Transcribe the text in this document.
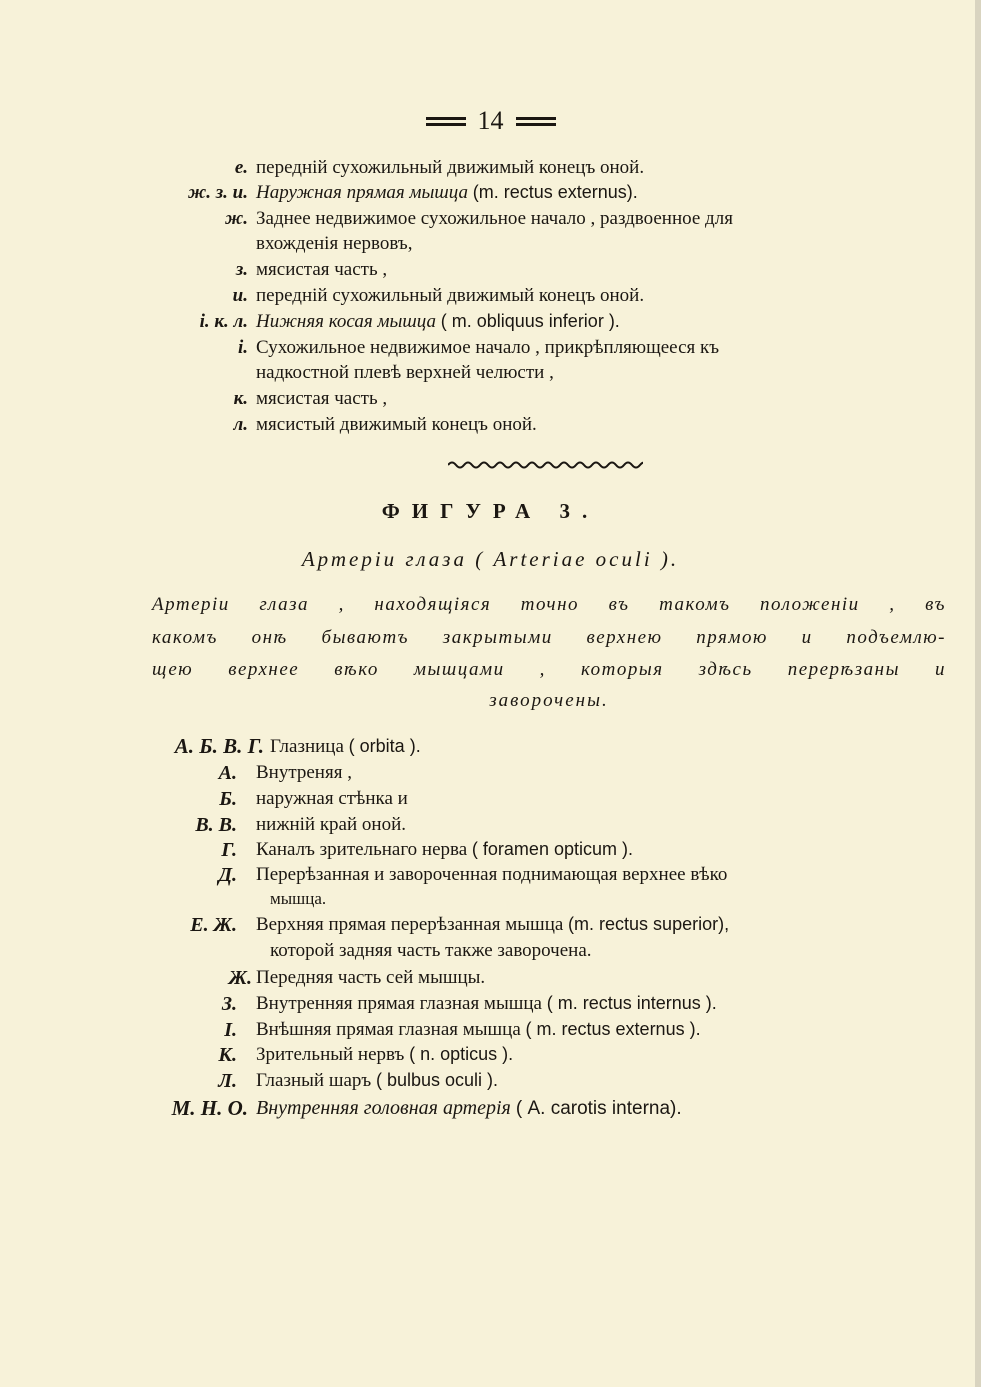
14
е. переднiй сухожильный движимый конецъ оной.
ж. з. и. Наружная прямая мышца (m. rectus externus).
ж. Заднее недвижимое сухожильное начало , раздвоенное для
вхожденiя нервовъ,
з. мясистая часть ,
и. переднiй сухожильный движимый конецъ оной.
i. к. л. Нижняя косая мышца ( m. obliquus inferior ).
i. Сухожильное недвижимое начало , прикрѣпляющееся къ
надкостной плевѣ верхней челюсти ,
к. мясистая часть ,
л. мясистый движимый конецъ оной.
ФИГУРА 3.
Артерiи глаза ( Arteriae oculi ).
Артерiи глаза , находящiяся точно въ такомъ положенiи , въ
какомъ онѣ бываютъ закрытыми верхнею прямою и подъемлю-
щею верхнее вѣко мышцами , которыя здѣсь перерѣзаны и
заворочены.
А. Б. В. Г. Глазница ( orbita ).
А. Внутреняя ,
Б. наружная стѣнка и
В. В. нижнiй край оной.
Г. Каналъ зрительнаго нерва ( foramen opticum ).
Д. Перерѣзанная и завороченная поднимающая верхнее вѣко
мышца.
Е. Ж. Верхняя прямая перерѣзанная мышца (m. rectus superior),
которой задняя часть также заворочена.
Ж. Передняя часть сей мышцы.
З. Внутренняя прямая глазная мышца ( m. rectus internus ).
I. Внѣшняя прямая глазная мышца ( m. rectus externus ).
К. Зрительный нервъ ( n. opticus ).
Л. Глазный шаръ ( bulbus oculi ).
М. Н. О. Внутренняя головная артерiя ( A. carotis interna).
